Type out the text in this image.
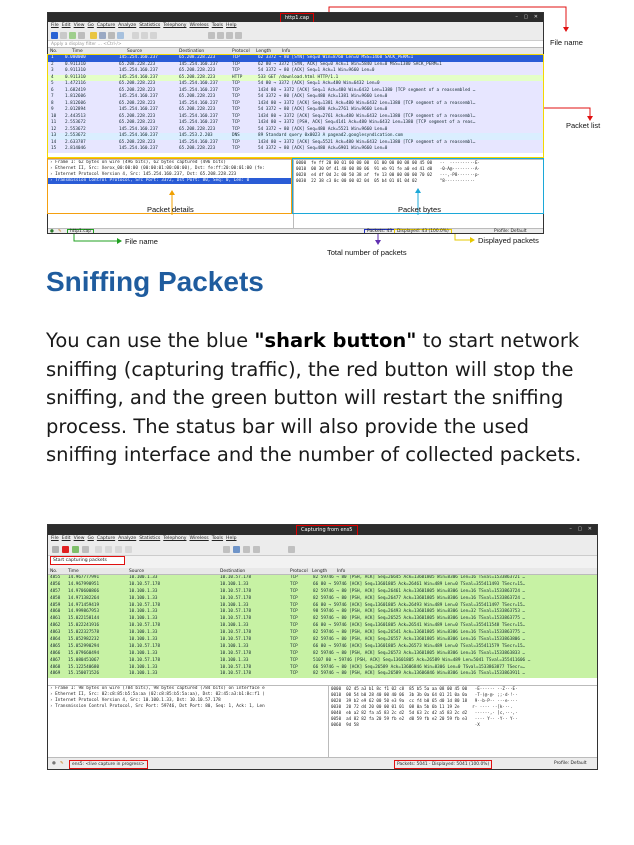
http1.cap	– ▢ ✕
File Edit View Go Capture Analyze Statistics Telephony Wireless Tools Help
Apply a display filter … <Ctrl-/>
No.	Time	Source	Destination	Protocol Length Info
1	0.000000	145.254.160.237	65.208.228.223	TCP	62 3372 → 80 [SYN] Seq=0 Win=8760 Len=0 MSS=1460 SACK_PERM=1
2	0.911310	65.208.228.223	145.254.160.237	TCP	62 80 → 3372 [SYN, ACK] Seq=0 Ack=1 Win=5840 Len=0 MSS=1380 SACK_PERM=1
3	0.911310	145.254.160.237	65.208.228.223	TCP	54 3372 → 80 [ACK] Seq=1 Ack=1 Win=9660 Len=0
4	0.911310	145.254.160.237	65.208.228.223	HTTP	533 GET /download.html HTTP/1.1
5	1.472116	65.208.228.223	145.254.160.237	TCP	54 80 → 3372 [ACK] Seq=1 Ack=480 Win=6432 Len=0
6	1.682419	65.208.228.223	145.254.160.237	TCP	1434 80 → 3372 [ACK] Seq=1 Ack=480 Win=6432 Len=1380 [TCP segment of a reassembled …
7	1.812606	145.254.160.237	65.208.228.223	TCP	54 3372 → 80 [ACK] Seq=480 Ack=1381 Win=9660 Len=0
8	1.812606	65.208.228.223	145.254.160.237	TCP	1434 80 → 3372 [ACK] Seq=1381 Ack=480 Win=6432 Len=1380 [TCP segment of a reassembl…
9	2.012894	145.254.160.237	65.208.228.223	TCP	54 3372 → 80 [ACK] Seq=480 Ack=2761 Win=9660 Len=0
10 2.443513	65.208.228.223	145.254.160.237	TCP	1434 80 → 3372 [ACK] Seq=2761 Ack=480 Win=6432 Len=1380 [TCP segment of a reassembl…
11 2.553672	65.208.228.223	145.254.160.237	TCP	1434 80 → 3372 [PSH, ACK] Seq=4141 Ack=480 Win=6432 Len=1380 [TCP segment of a reas…
12 2.553672	145.254.160.237	65.208.228.223	TCP	54 3372 → 80 [ACK] Seq=480 Ack=5521 Win=9660 Len=0
13 2.553672	145.254.160.237	145.253.2.203	DNS	89 Standard query 0x0023 A pagead2.googlesyndication.com
14 2.633787	65.208.228.223	145.254.160.237	TCP	1434 80 → 3372 [ACK] Seq=5521 Ack=480 Win=6432 Len=1380 [TCP segment of a reassembl…
15 2.814046	145.254.160.237	65.208.228.223	TCP	54 3372 → 80 [ACK] Seq=480 Ack=6901 Win=9660 Len=0
› Frame 1: 62 bytes on wire (496 bits), 62 bytes captured (496 bits)
› Ethernet II, Src: Xerox_00:00:00 (00:00:01:00:00:00), Dst: fe:ff:20:00:01:00 (fe:
› Internet Protocol Version 4, Src: 145.254.160.237, Dst: 65.208.228.223
› Transmission Control Protocol, Src Port: 3372, Dst Port: 80, Seq: 0, Len: 0
0000  fe ff 20 00 01 00 00 00  01 00 00 00 08 00 45 00   ··  ··········E·
0010  00 30 0f 41 40 00 80 06  91 eb 91 fe a0 ed 41 d0   ·0·A@·········A·
0020  e4 df 0d 2c 00 50 38 af  fe 13 00 00 00 00 70 02   ···,·P8·······p·
0030  22 38 c3 0c 00 00 02 04  05 b4 01 01 04 02         "8············
● ✎	http1.cap	Packets: 43	Displayed: 43 (100.0%)	Profile: Default
File name
Packet list
Packet details	Packet bytes
File name	Displayed packets
Total number of packets
Sniffing Packets

You can use the blue "shark button" to start network sniffing (capturing traffic), the red button will stop the sniffing, and the green button will restart the sniffing process. The status bar will also provide the used sniffing interface and the number of collected packets.

Capturing from ens5	– ▢ ✕
File Edit View Go Capture Analyze Statistics Telephony Wireless Tools Help
Start capturing packets
No. Time	Source	Destination	Protocol Length Info
4855 14.967777991	10.100.1.33	10.10.57.178	TCP	82 59746 → 80 [PSH, ACK] Seq=26645 Ack=13601805 Win=8306 Len=16 TSval=1533863721 …
4856 14.967990951	10.10.57.178	10.100.1.33	TCP	66 80 → 59746 [ACK] Seq=13601805 Ack=26461 Win=489 Len=0 TSval=355411493 TSecr=15…
4857 14.970600866	10.100.1.33	10.10.57.178	TCP	82 59746 → 80 [PSH, ACK] Seq=26461 Ack=13601805 Win=8306 Len=16 TSval=1533863724 …
4858 14.971382264	10.100.1.33	10.10.57.178	TCP	82 59746 → 80 [PSH, ACK] Seq=26477 Ack=13601805 Win=8306 Len=16 TSval=1533863724 …
4859 14.971459419	10.10.57.178	10.100.1.33	TCP	66 80 → 59746 [ACK] Seq=13601805 Ack=26493 Win=489 Len=0 TSval=355411497 TSecr=15…
4860 14.999867953	10.100.1.33	10.10.57.178	TCP	98 59746 → 80 [PSH, ACK] Seq=26493 Ack=13601805 Win=8306 Len=32 TSval=1533863753 …
4861 15.022158144	10.100.1.33	10.10.57.178	TCP	82 59746 → 80 [PSH, ACK] Seq=26525 Ack=13601805 Win=8306 Len=16 TSval=1533863775 …
4862 15.022241916	10.10.57.178	10.100.1.33	TCP	66 80 → 59746 [ACK] Seq=13601805 Ack=26541 Win=489 Len=0 TSval=355411548 TSecr=15…
4863 15.022327578	10.100.1.33	10.10.57.178	TCP	82 59746 → 80 [PSH, ACK] Seq=26541 Ack=13601805 Win=8306 Len=16 TSval=1533863775 …
4864 15.052982232	10.100.1.33	10.10.57.178	TCP	82 59746 → 80 [PSH, ACK] Seq=26557 Ack=13601805 Win=8306 Len=16 TSval=1533863806 …
4865 15.052990294	10.10.57.178	10.100.1.33	TCP	66 80 → 59746 [ACK] Seq=13601805 Ack=26573 Win=489 Len=0 TSval=355411579 TSecr=15…
4866 15.079660494	10.100.1.33	10.10.57.178	TCP	82 59746 → 80 [PSH, ACK] Seq=26573 Ack=13601805 Win=8306 Len=16 TSval=1533863833 …
4867 15.080451067	10.10.57.178	10.100.1.33	TCP	5107 80 → 59746 [PSH, ACK] Seq=13601805 Ack=26589 Win=489 Len=5041 TSval=355411606 …
4868 15.122540680	10.100.1.33	10.10.57.178	TCP	66 59746 → 80 [ACK] Seq=26589 Ack=13606846 Win=8306 Len=0 TSval=1533863877 TSecr=…
4869 15.150071526	10.100.1.33	10.10.57.178	TCP	82 59746 → 80 [PSH, ACK] Seq=26589 Ack=13606846 Win=8306 Len=16 TSval=1533863911 …
› Frame 1: 98 bytes on wire (784 bits), 98 bytes captured (784 bits) on interface e
› Ethernet II, Src: 02:c8:85:b5:5a:aa (02:c8:85:b5:5a:aa), Dst: 02:45:a3:b1:8c:f1 (
› Internet Protocol Version 4, Src: 10.100.1.33, Dst: 10.10.57.178
› Transmission Control Protocol, Src Port: 59746, Dst Port: 80, Seq: 1, Ack: 1, Len
0000  02 45 a3 b1 8c f1 02 c8  85 b5 5a aa 08 00 45 00   ·E······ ··Z···E·
0010  00 54 b0 28 40 00 40 06  3b 3b 0a 64 01 21 0a 0a   ·T·(@·@· ;;·d·!··
0020  39 b2 e9 62 00 50 e3 9a  cc f4 b0 65 d0 1d 80 18   9··b·P·· ···e····
0030  20 72 d4 20 00 00 01 01  08 0a 5b 6b 11 19 2e     r· ···· ··[k···.
0040  eb a2 82 fa a5 83 2c d2  5d 63 2c d2 a5 83 2c d2   ······,· ]c,···,·
0050  a4 82 82 fa 20 59 fb e2  d0 59 fb e2 20 59 fb e3   ···· Y·· ·Y·· Y··
0060  9d 58                                              ·X
● ✎	ens5: <live capture in progress>	Packets: 5041 · Displayed: 5041 (100.0%)	Profile: Default
